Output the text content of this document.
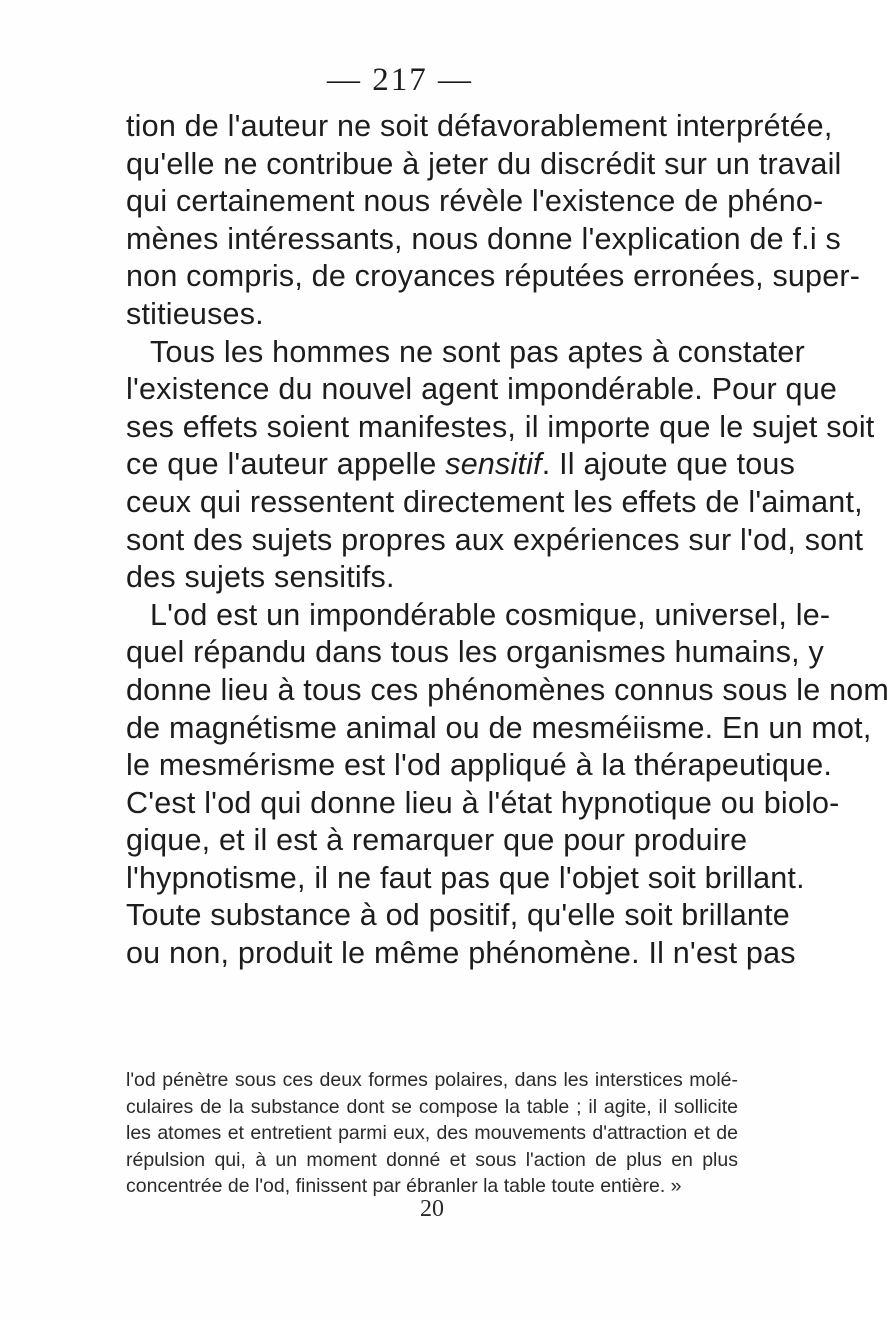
— 217 —
tion de l'auteur ne soit défavorablement interprétée,
qu'elle ne contribue à jeter du discrédit sur un travail
qui certainement nous révèle l'existence de phéno-
mènes intéressants, nous donne l'explication de f.i s
non compris, de croyances réputées erronées, super-
stitieuses.
Tous les hommes ne sont pas aptes à constater
l'existence du nouvel agent impondérable. Pour que
ses effets soient manifestes, il importe que le sujet soit
ce que l'auteur appelle sensitif. Il ajoute que tous
ceux qui ressentent directement les effets de l'aimant,
sont des sujets propres aux expériences sur l'od, sont
des sujets sensitifs.
L'od est un impondérable cosmique, universel, le-
quel répandu dans tous les organismes humains, y
donne lieu à tous ces phénomènes connus sous le nom
de magnétisme animal ou de mesméiisme. En un mot,
le mesmérisme est l'od appliqué à la thérapeutique.
C'est l'od qui donne lieu à l'état hypnotique ou biolo-
gique, et il est à remarquer que pour produire
l'hypnotisme, il ne faut pas que l'objet soit brillant.
Toute substance à od positif, qu'elle soit brillante
ou non, produit le même phénomène. Il n'est pas
l'od pénètre sous ces deux formes polaires, dans les interstices molé-
culaires de la substance dont se compose la table ; il agite, il sollicite
les atomes et entretient parmi eux, des mouvements d'attraction et de
répulsion qui, à un moment donné et sous l'action de plus en plus
concentrée de l'od, finissent par ébranler la table toute entière. »
20
